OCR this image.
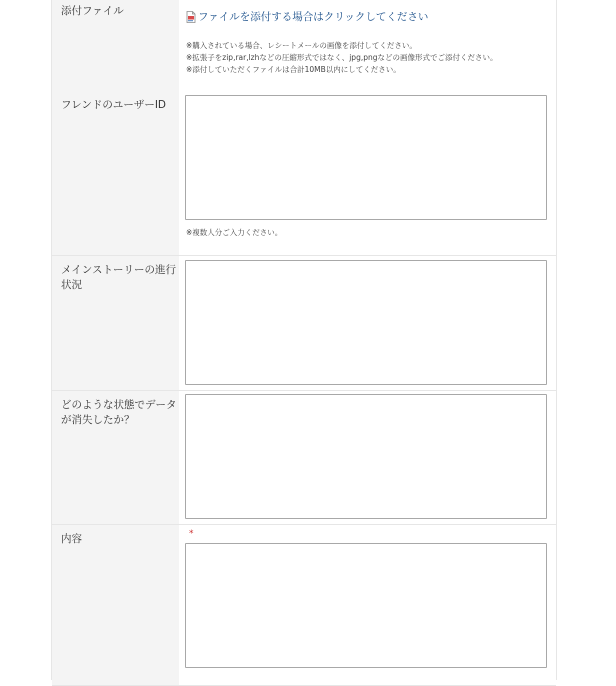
添付ファイル	ファイルを添付する場合はクリックしてください
※購入されている場合、レシートメールの画像を添付してください。
※拡張子をzip,rar,lzhなどの圧縮形式ではなく、jpg,pngなどの画像形式でご添付ください。
※添付していただくファイルは合計10MB以内にしてください。
フレンドのユーザーID
※複数人分ご入力ください。
メインストーリーの進行状況
どのような状態でデータが消失したか？
内容	*
